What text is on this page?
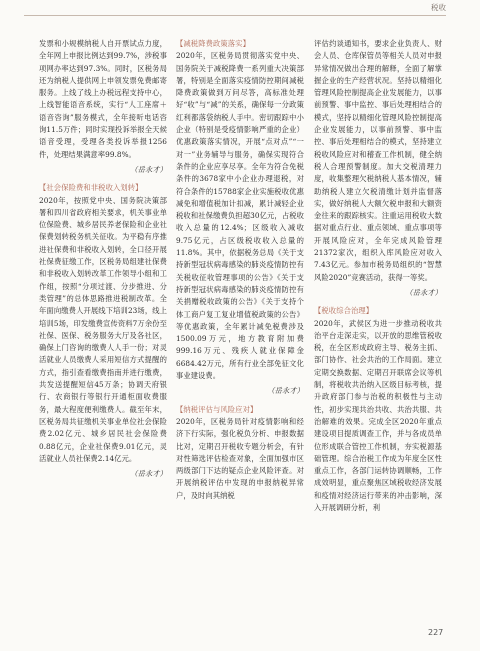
税收

发票和小规模纳税人自开票试点力度，全年网上申报比例达到99.7%，涉税事项网办率达到97.3%。同时，区税务局还为纳税人提供网上申领发票免费邮寄服务。上线了线上办税远程支持中心，上线智能语音系统，实行“人工座席＋语音咨询”服务模式，全年接听电话咨询11.5万件；同时实现投诉举报全天候语音受理，受理各类投诉举报1256件，处理结果满意率99.8%。

（岳永才）

【社会保险费和非税收入划转】

2020年，按照党中央、国务院决策部署和四川省政府相关要求，机关事业单位保险费、城乡居民养老保险和企业社保费划转税务机关征收。为平稳有序推进社保费和非税收入划转，全口径开展社保费征缴工作，区税务局组建社保费和非税收入划转改革工作领导小组和工作组，按照“分项过渡、分步推进、分类管理”的总体思路推进税制改革。全年面向缴费人开展线下培训23场，线上培训5场，印发缴费宣传资料7万余份至社保、医保、税务服务大厅及各社区，确保上门咨询的缴费人人手一份；对灵活就业人员缴费人采用短信方式提醒的方式，指引查看缴费指南并进行缴费，共发送提醒短信45万条；协调天府银行、农商银行等银行开通柜面收费服务，最大程度便利缴费人。截至年末，区税务局共征缴机关事业单位社会保险费2.02亿元、城乡居民社会保险费0.88亿元，企业社保费9.01亿元，灵活就业人员社保费2.14亿元。

（岳永才）

【减税降费政策落实】

2020年，区税务局贯彻落实党中央、国务院关于减税降费一系列重大决策部署，特别是全面落实疫情防控期间减税降费政策做到万问尽答，高标准处理好“收”与“减”的关系，确保每一分政策红利都落袋纳税人手中。密切跟踪中小企业（特别是受疫情影响严重的企业）优惠政策落实情况，开展“点对点”“一对一”业务辅导与服务，确保实现符合条件的企业应享尽享。全年为符合免税条件的3678家中小企业办理退税，对符合条件的15788家企业实施税收优惠减免和增值税加计扣减，累计减轻企业税收和社保缴费负担超30亿元，占税收收入总量的12.4%；区级收入减收9.75亿元，占区级税收收入总量的11.8%。其中，依据税务总局《关于支持新型冠状病毒感染的肺炎疫情防控有关税收征收管理事项的公告》《关于支持新型冠状病毒感染的肺炎疫情防控有关捐赠税收政策的公告》《关于支持个体工商户复工复业增值税政策的公告》等优惠政策，全年累计减免税费涉及1500.09万元，地方教育附加费999.16万元、残疾人就业保障金6684.42万元，所有行业全部免征文化事业建设费。

（岳永才）

【纳税评估与风险应对】

2020年，区税务局针对疫情影响和经济下行实际，强化税负分析、申报数据比对，定期召开税收专题分析会，有针对性筛选评估检查对象，全面加强市区两级部门下达的疑点企业风险评查。对开展纳税评估中发现的申报纳税异常户，及时向其纳税

评估约谈通知书，要求企业负责人、财会人员、仓库保管员等相关人员对申报异常情况做出合理的解释，全面了解掌握企业的生产经营状况。坚持以精细化管理风险控制提高企业发展能力，以事前预警、事中监控、事后处理相结合的模式，坚持以精细化管理风险控制提高企业发展能力，以事前预警、事中监控、事后处理相结合的模式，坚持建立税收风险应对和稽查工作机制，健全纳税人合理预警制度。加大交税清理力度，收集整理欠税纳税人基本情况，辅助纳税人建立欠税清缴计划并监督落实，做好纳税人大额欠税申报和大额资金往来的跟踪核实。注重运用税收大数据对重点行业、重点领域、重点事项等开展风险应对，全年完成风险管理21372家次，组织入库风险应对收入7.43亿元。参加市税务局组织的“智慧风险2020”竞赛活动，获得一等奖。

（岳永才）

【税收综合治理】

2020年，武侯区为进一步推动税收共治平台走深走实，以开放的思维管税收税，在全区形成政府主导、税务主抓、部门协作、社会共治的工作局面。建立定期交换数据、定期召开联席会议等机制，将税收共治纳入区级目标考核，提升政府部门参与治税的积极性与主动性，初步实现共治共收、共治共服、共治解难的效果。完成全区2020年重点建设项目提质调查工作，并与各成员单位形成联合管控工作机制，夯实税源基础管理。综合治税工作成为年度全区性重点工作，各部门运转协调顺畅，工作成效明显，重点聚焦区域税收经济发展和疫情对经济运行带来的冲击影响，深入开展调研分析，利

227
